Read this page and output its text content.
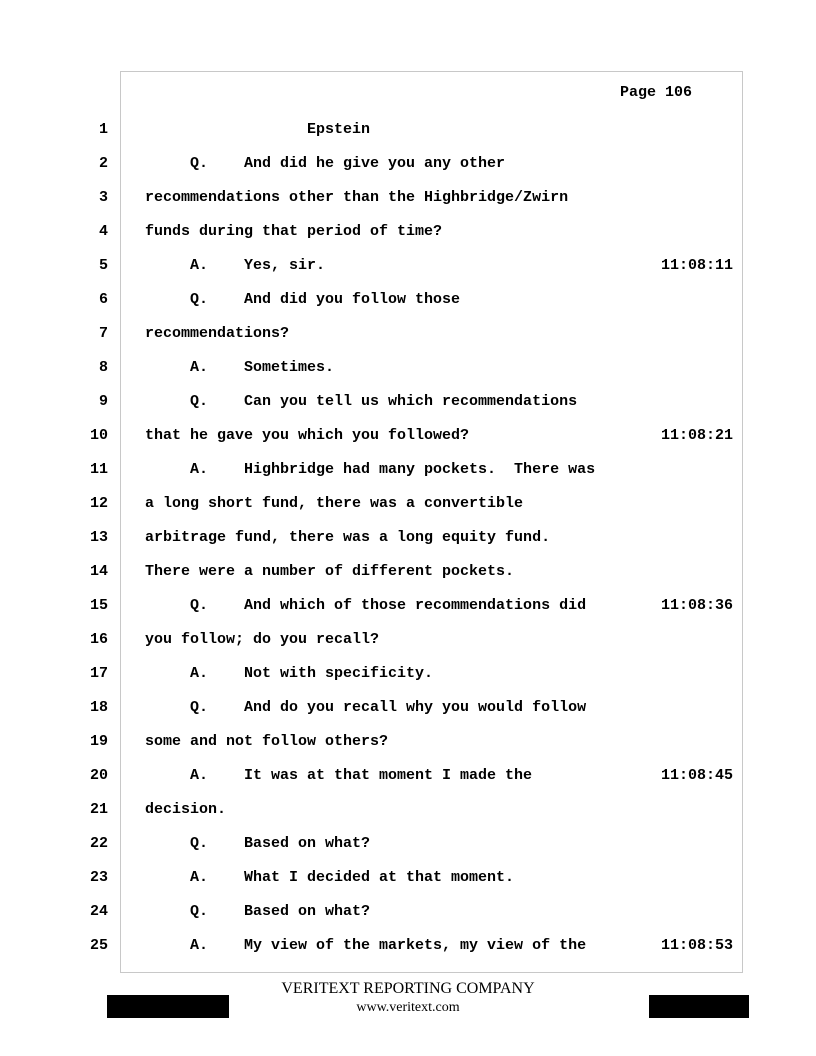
Page 106
1 Epstein
2 Q.    And did he give you any other
3 recommendations other than the Highbridge/Zwirn
4 funds during that period of time?
5 A.    Yes, sir.	11:08:11
6 Q.    And did you follow those
7 recommendations?
8 A.    Sometimes.
9 Q.    Can you tell us which recommendations
10 that he gave you which you followed?	11:08:21
11 A.    Highbridge had many pockets.  There was
12 a long short fund, there was a convertible
13 arbitrage fund, there was a long equity fund.
14 There were a number of different pockets.
15 Q.    And which of those recommendations did	11:08:36
16 you follow; do you recall?
17 A.    Not with specificity.
18 Q.    And do you recall why you would follow
19 some and not follow others?
20 A.    It was at that moment I made the	11:08:45
21 decision.
22 Q.    Based on what?
23 A.    What I decided at that moment.
24 Q.    Based on what?
25 A.    My view of the markets, my view of the	11:08:53
VERITEXT REPORTING COMPANY
www.veritext.com
